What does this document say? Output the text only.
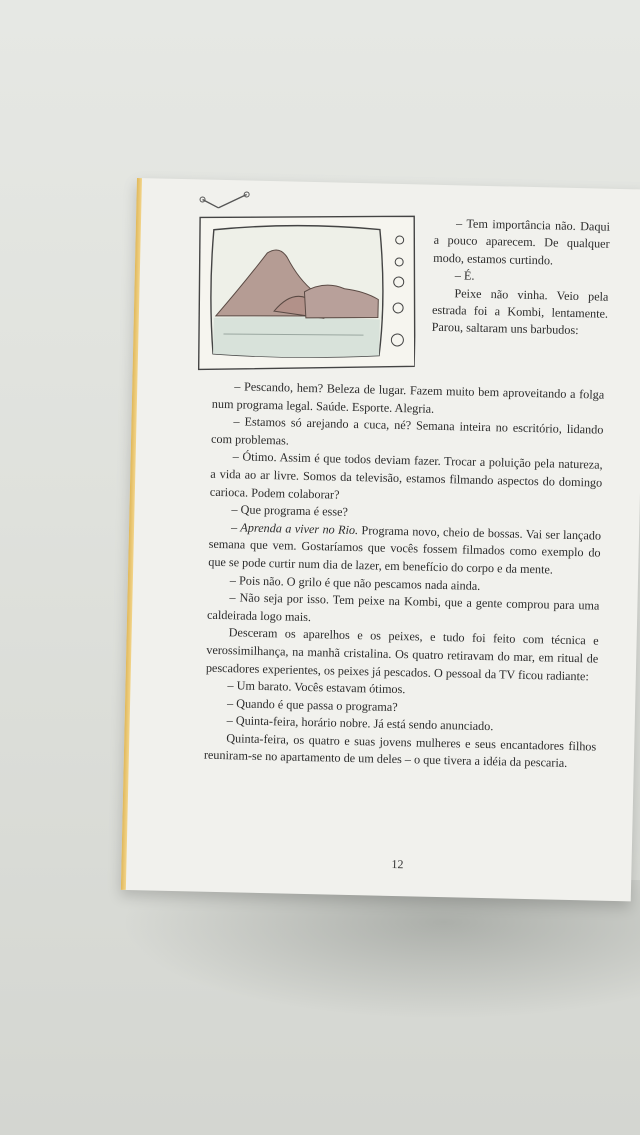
– Tem importância não. Daqui a pouco aparecem. De qualquer modo, estamos curtindo.

– É.

Peixe não vinha. Veio pela estrada foi a Kombi, lentamente. Parou, saltaram uns barbudos:

– Pescando, hem? Beleza de lugar. Fazem muito bem aproveitando a folga num programa legal. Saúde. Esporte. Alegria.

– Estamos só arejando a cuca, né? Semana inteira no escritório, lidando com problemas.

– Ótimo. Assim é que todos deviam fazer. Trocar a poluição pela natureza, a vida ao ar livre. Somos da televisão, estamos filmando aspectos do domingo carioca. Podem colaborar?

– Que programa é esse?

– Aprenda a viver no Rio. Programa novo, cheio de bossas. Vai ser lançado semana que vem. Gostaríamos que vocês fossem filmados como exemplo do que se pode curtir num dia de lazer, em benefício do corpo e da mente.

– Pois não. O grilo é que não pescamos nada ainda.

– Não seja por isso. Tem peixe na Kombi, que a gente comprou para uma caldeirada logo mais.

Desceram os aparelhos e os peixes, e tudo foi feito com técnica e verossimilhança, na manhã cristalina. Os quatro retiravam do mar, em ritual de pescadores experientes, os peixes já pescados. O pessoal da TV ficou radiante:

– Um barato. Vocês estavam ótimos.

– Quando é que passa o programa?

– Quinta-feira, horário nobre. Já está sendo anunciado.

Quinta-feira, os quatro e suas jovens mulheres e seus encantadores filhos reuniram-se no apartamento de um deles – o que tivera a idéia da pescaria.

12
